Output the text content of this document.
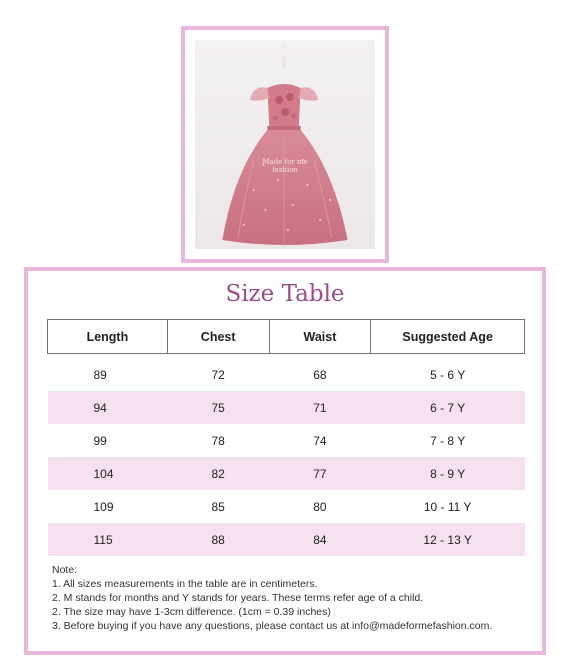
Made for me
fashion
Size Table
Length	Chest	Waist	Suggested Age

89	72	68	5 - 6 Y
94	75	71	6 - 7 Y
99	78	74	7 - 8 Y
104	82	77	8 - 9 Y
109	85	80	10 - 11 Y
115	88	84	12 - 13 Y
Note:
1. All sizes measurements in the table are in centimeters.
2. M stands for months and Y stands for years. These terms refer age of a child.
2. The size may have 1-3cm difference. (1cm = 0.39 inches)
3. Before buying if you have any questions, please contact us at info@madeformefashion.com.
